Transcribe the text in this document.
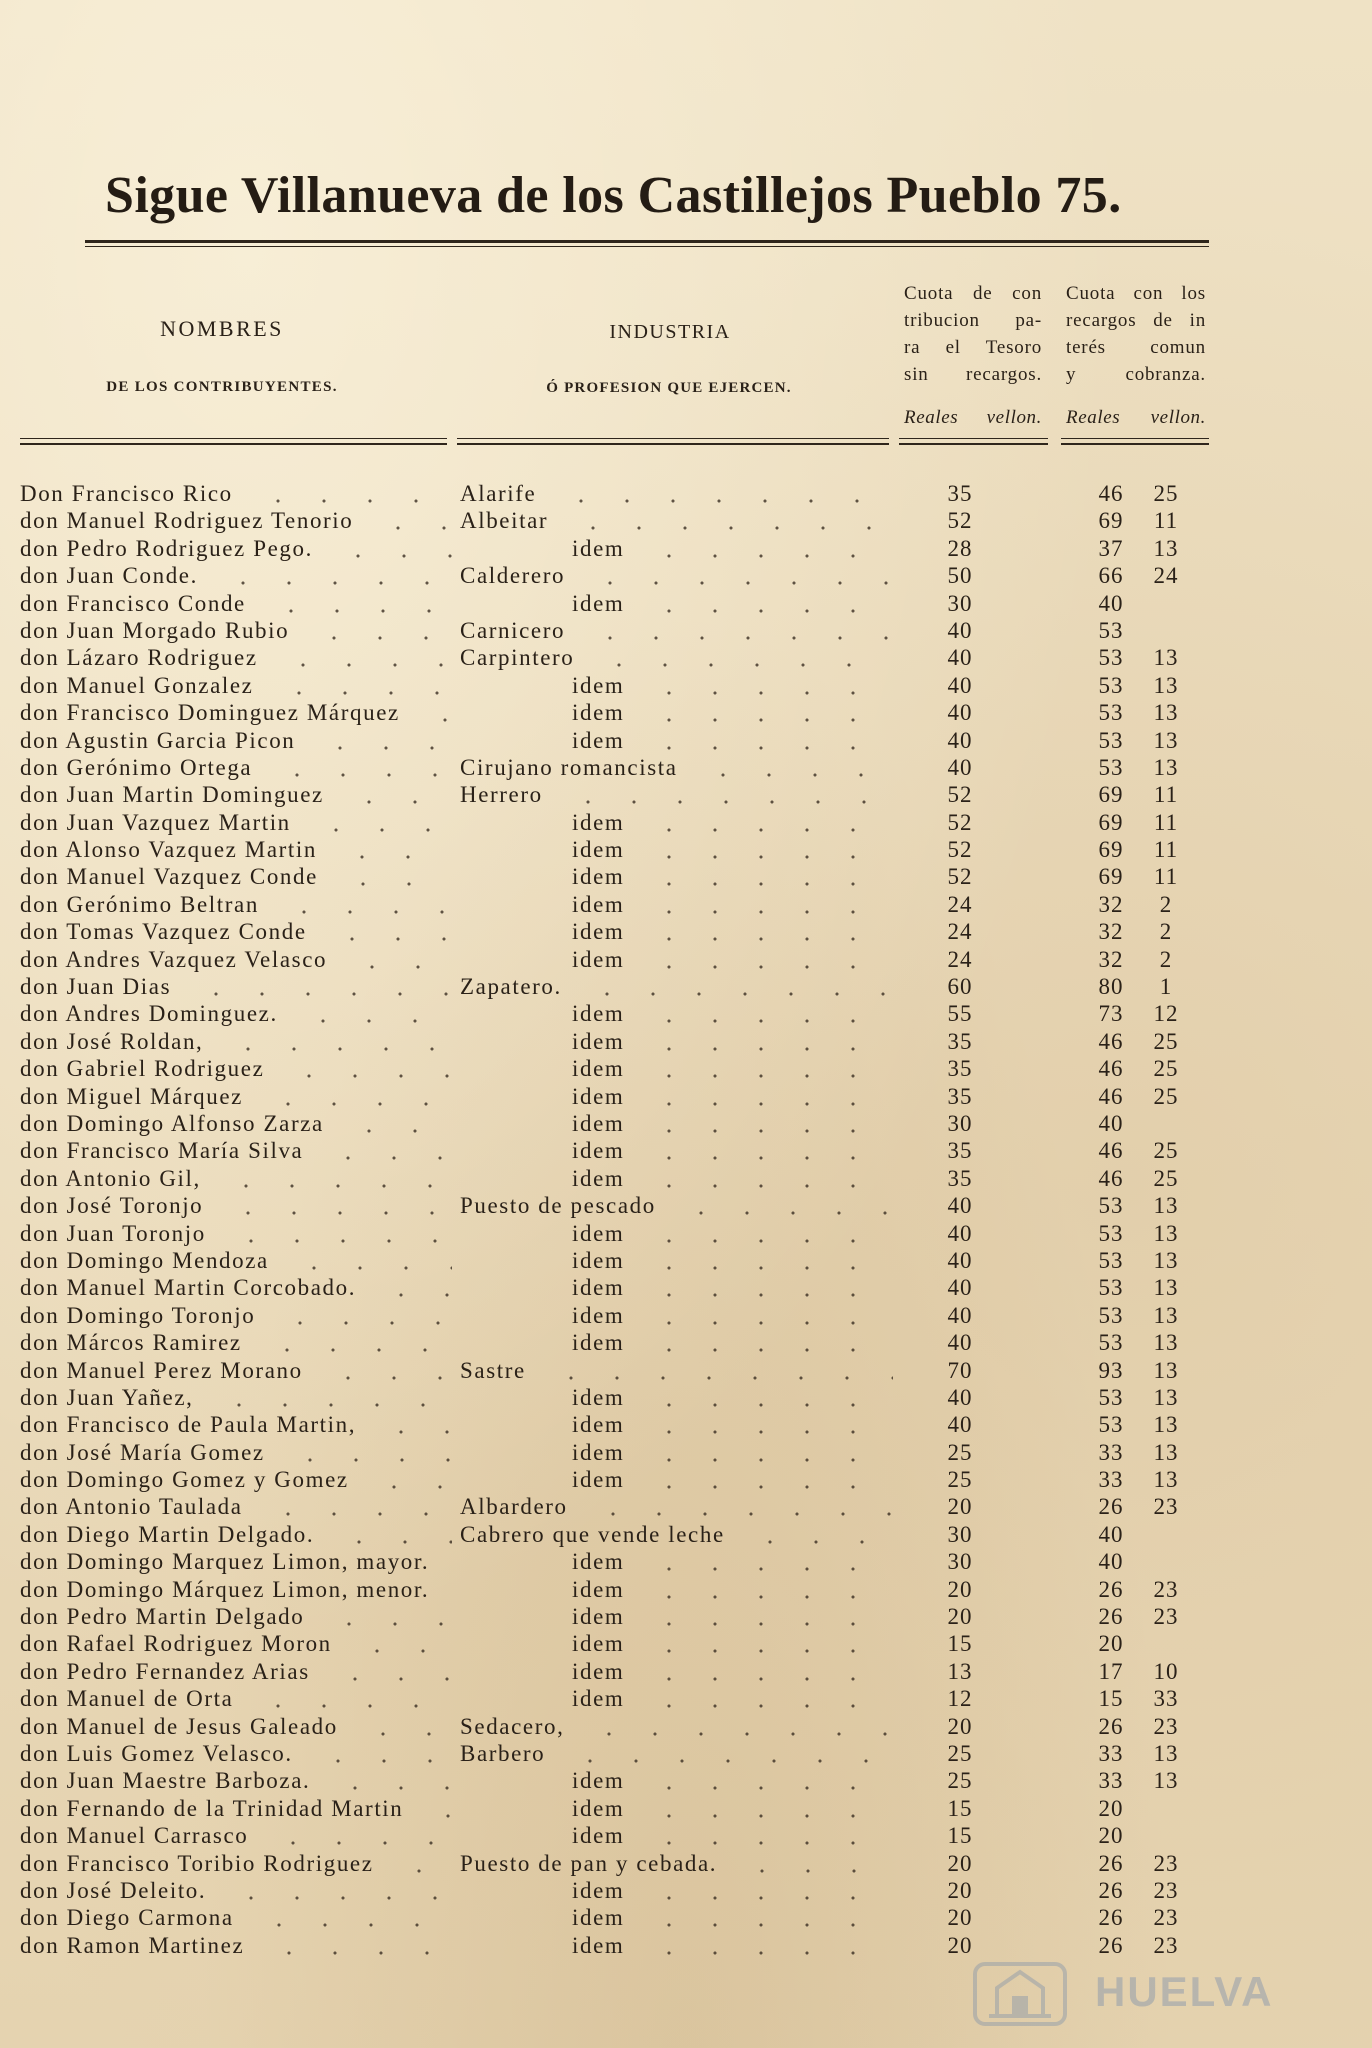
Sigue Villanueva de los Castillejos Pueblo 75.
NOMBRES
DE LOS CONTRIBUYENTES.
INDUSTRIA
Ó PROFESION QUE EJERCEN.
Cuota de con
tribucion pa-
ra el Tesoro
sin recargos.
Reales vellon.
Cuota con los
recargos de in
terés comun
y cobranza.
Reales vellon.
Don Francisco Rico	Alarife	35	46	25
don Manuel Rodriguez Tenorio	Albeitar	52	69	11
don Pedro Rodriguez Pego.	idem	28	37	13
don Juan Conde.	Calderero	50	66	24
don Francisco Conde	idem	30	40
don Juan Morgado Rubio	Carnicero	40	53
don Lázaro Rodriguez	Carpintero	40	53	13
don Manuel Gonzalez	idem	40	53	13
don Francisco Dominguez Márquez	idem	40	53	13
don Agustin Garcia Picon	idem	40	53	13
don Gerónimo Ortega	Cirujano romancista	40	53	13
don Juan Martin Dominguez	Herrero	52	69	11
don Juan Vazquez Martin	idem	52	69	11
don Alonso Vazquez Martin	idem	52	69	11
don Manuel Vazquez Conde	idem	52	69	11
don Gerónimo Beltran	idem	24	32	2
don Tomas Vazquez Conde	idem	24	32	2
don Andres Vazquez Velasco	idem	24	32	2
don Juan Dias	Zapatero.	60	80	1
don Andres Dominguez.	idem	55	73	12
don José Roldan,	idem	35	46	25
don Gabriel Rodriguez	idem	35	46	25
don Miguel Márquez	idem	35	46	25
don Domingo Alfonso Zarza	idem	30	40
don Francisco María Silva	idem	35	46	25
don Antonio Gil,	idem	35	46	25
don José Toronjo	Puesto de pescado	40	53	13
don Juan Toronjo	idem	40	53	13
don Domingo Mendoza	idem	40	53	13
don Manuel Martin Corcobado.	idem	40	53	13
don Domingo Toronjo	idem	40	53	13
don Márcos Ramirez	idem	40	53	13
don Manuel Perez Morano	Sastre	70	93	13
don Juan Yañez,	idem	40	53	13
don Francisco de Paula Martin,	idem	40	53	13
don José María Gomez	idem	25	33	13
don Domingo Gomez y Gomez	idem	25	33	13
don Antonio Taulada	Albardero	20	26	23
don Diego Martin Delgado.	Cabrero que vende leche	30	40
don Domingo Marquez Limon, mayor.	idem	30	40
don Domingo Márquez Limon, menor.	idem	20	26	23
don Pedro Martin Delgado	idem	20	26	23
don Rafael Rodriguez Moron	idem	15	20
don Pedro Fernandez Arias	idem	13	17	10
don Manuel de Orta	idem	12	15	33
don Manuel de Jesus Galeado	Sedacero,	20	26	23
don Luis Gomez Velasco.	Barbero	25	33	13
don Juan Maestre Barboza.	idem	25	33	13
don Fernando de la Trinidad Martin	idem	15	20
don Manuel Carrasco	idem	15	20
don Francisco Toribio Rodriguez	Puesto de pan y cebada.	20	26	23
don José Deleito.	idem	20	26	23
don Diego Carmona	idem	20	26	23
don Ramon Martinez	idem	20	26	23
HUELVA
